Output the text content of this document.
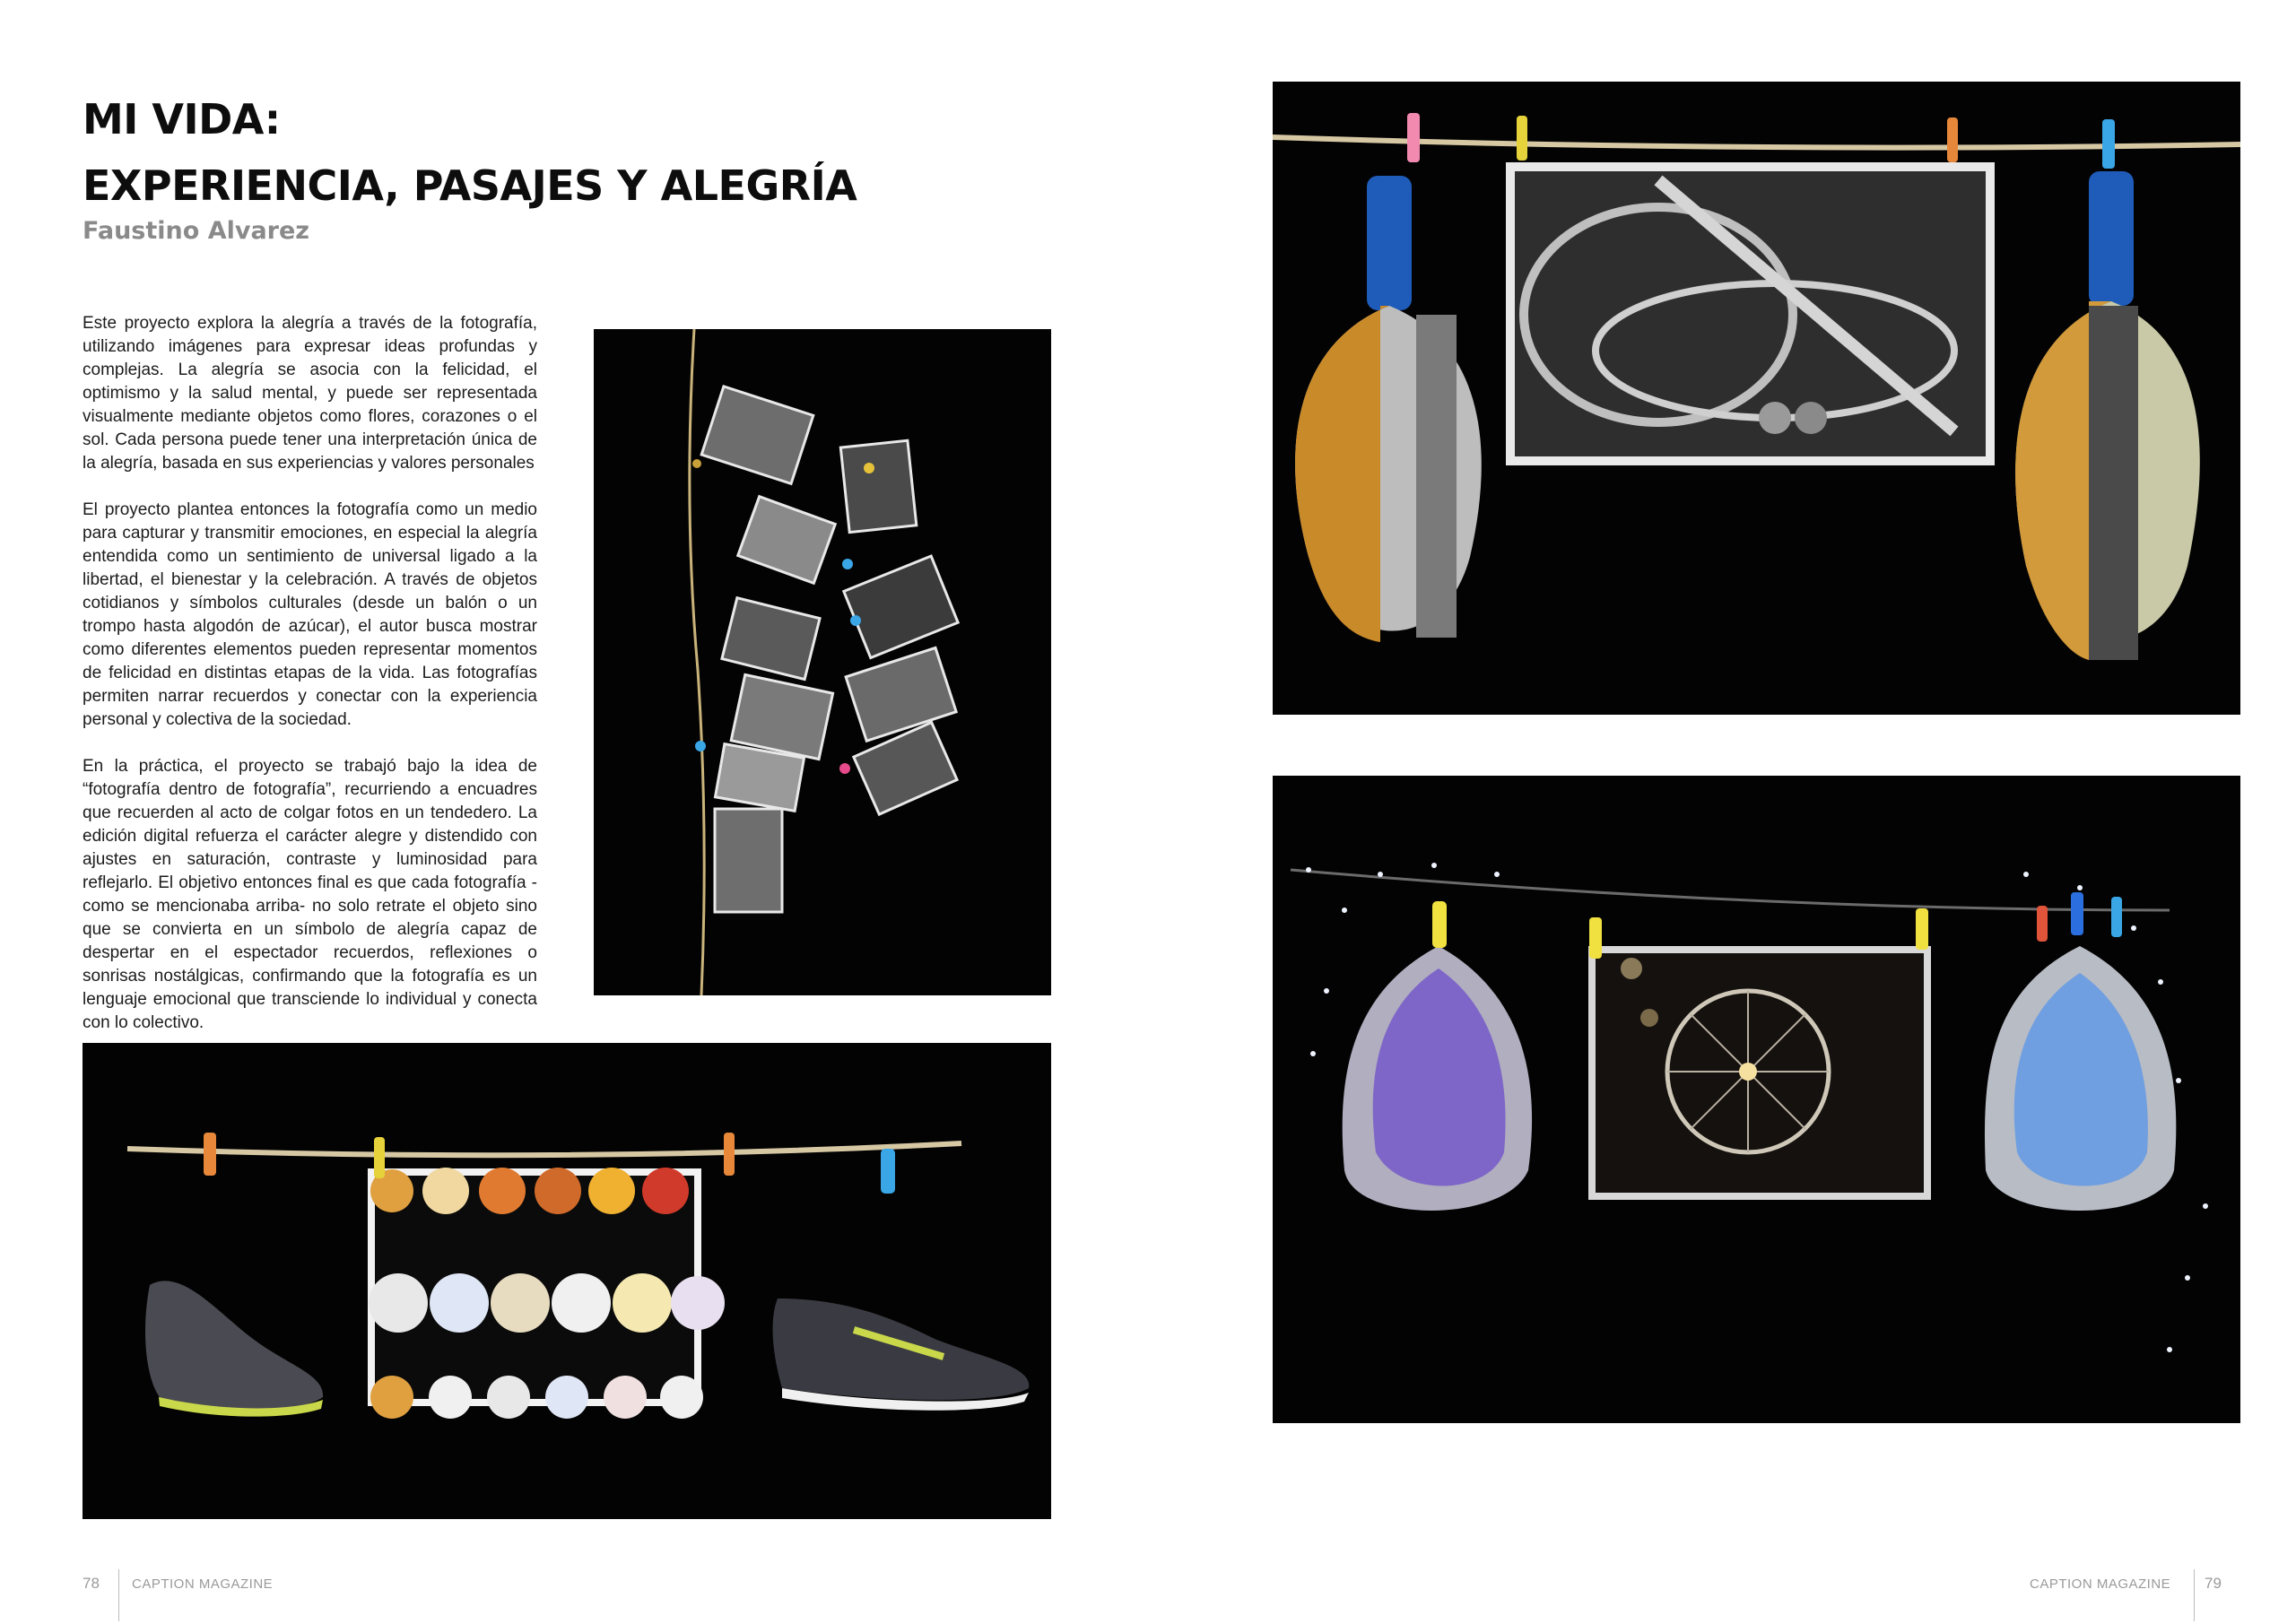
MI VIDA:
EXPERIENCIA, PASAJES Y ALEGRÍA
Faustino Alvarez

Este proyecto explora la alegría a través de la fotografía, utilizando imágenes para expresar ideas profundas y complejas. La alegría se asocia con la felicidad, el optimismo y la salud mental, y puede ser representada visualmente mediante objetos como flores, corazones o el sol. Cada persona puede tener una interpretación única de la alegría, basada en sus experiencias y valores personales

El proyecto plantea entonces la fotografía como un medio para capturar y transmitir emociones, en especial la alegría entendida como un sentimiento de universal ligado a la libertad, el bienestar y la celebración. A través de objetos cotidianos y símbolos culturales (desde un balón o un trompo hasta algodón de azúcar), el autor busca mostrar como diferentes elementos pueden representar momentos de felicidad en distintas etapas de la vida. Las fotografías permiten narrar recuerdos y conectar con la experiencia personal y colectiva de la sociedad.

En la práctica, el proyecto se trabajó bajo la idea de “fotografía dentro de fotografía”, recurriendo a encuadres que recuerden al acto de colgar fotos en un tendedero. La edición digital refuerza el carácter alegre y distendido con ajustes en saturación, contraste y luminosidad para reflejarlo. El objetivo entonces final es que cada fotografía -como se mencionaba arriba- no solo retrate el objeto sino que se convierta en un símbolo de alegría capaz de despertar en el espectador recuerdos, reflexiones o sonrisas nostálgicas, confirmando que la fotografía es un lenguaje emocional que transciende lo individual y conecta con lo colectivo.

78 CAPTION MAGAZINE	CAPTION MAGAZINE 79
